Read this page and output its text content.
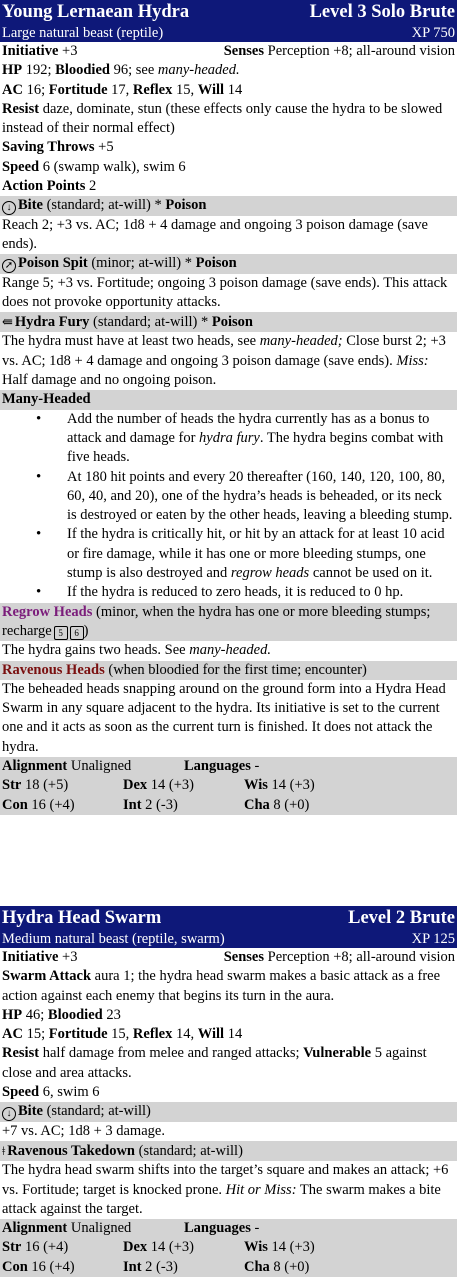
Young Lernaean Hydra	Level 3 Solo Brute
Large natural beast (reptile)	XP 750
Initiative +3	Senses Perception +8; all-around vision
HP 192; Bloodied 96; see many-headed.
AC 16; Fortitude 17, Reflex 15, Will 14
Resist daze, dominate, stun (these effects only cause the hydra to be slowed instead of their normal effect)
Saving Throws +5
Speed 6 (swamp walk), swim 6
Action Points 2
↓ Bite (standard; at-will) * Poison
Reach 2; +3 vs. AC; 1d8 + 4 damage and ongoing 3 poison damage (save ends).
➚ Poison Spit (minor; at-will) * Poison
Range 5; +3 vs. Fortitude; ongoing 3 poison damage (save ends). This attack does not provoke opportunity attacks.
⇚ Hydra Fury (standard; at-will) * Poison
The hydra must have at least two heads, see many-headed; Close burst 2; +3 vs. AC; 1d8 + 4 damage and ongoing 3 poison damage (save ends). Miss: Half damage and no ongoing poison.
Many-Headed
• Add the number of heads the hydra currently has as a bonus to attack and damage for hydra fury. The hydra begins combat with five heads.
• At 180 hit points and every 20 thereafter (160, 140, 120, 100, 80, 60, 40, and 20), one of the hydra’s heads is beheaded, or its neck is destroyed or eaten by the other heads, leaving a bleeding stump.
• If the hydra is critically hit, or hit by an attack for at least 10 acid or fire damage, while it has one or more bleeding stumps, one stump is also destroyed and regrow heads cannot be used on it.
• If the hydra is reduced to zero heads, it is reduced to 0 hp.
Regrow Heads (minor, when the hydra has one or more bleeding stumps; recharge 5 6 )
The hydra gains two heads. See many-headed.
Ravenous Heads (when bloodied for the first time; encounter)
The beheaded heads snapping around on the ground form into a Hydra Head Swarm in any square adjacent to the hydra. Its initiative is set to the current one and it acts as soon as the current turn is finished. It does not attack the hydra.
Alignment Unaligned	Languages -
Str 18 (+5)	Dex 14 (+3)	Wis 14 (+3)
Con 16 (+4)	Int 2 (-3)	Cha 8 (+0)
Hydra Head Swarm	Level 2 Brute
Medium natural beast (reptile, swarm)	XP 125
Initiative +3	Senses Perception +8; all-around vision
Swarm Attack aura 1; the hydra head swarm makes a basic attack as a free action against each enemy that begins its turn in the aura.
HP 46; Bloodied 23
AC 15; Fortitude 15, Reflex 14, Will 14
Resist half damage from melee and ranged attacks; Vulnerable 5 against close and area attacks.
Speed 6, swim 6
↓ Bite (standard; at-will)
+7 vs. AC; 1d8 + 3 damage.
ǂ Ravenous Takedown (standard; at-will)
The hydra head swarm shifts into the target’s square and makes an attack; +6 vs. Fortitude; target is knocked prone. Hit or Miss: The swarm makes a bite attack against the target.
Alignment Unaligned	Languages -
Str 16 (+4)	Dex 14 (+3)	Wis 14 (+3)
Con 16 (+4)	Int 2 (-3)	Cha 8 (+0)
